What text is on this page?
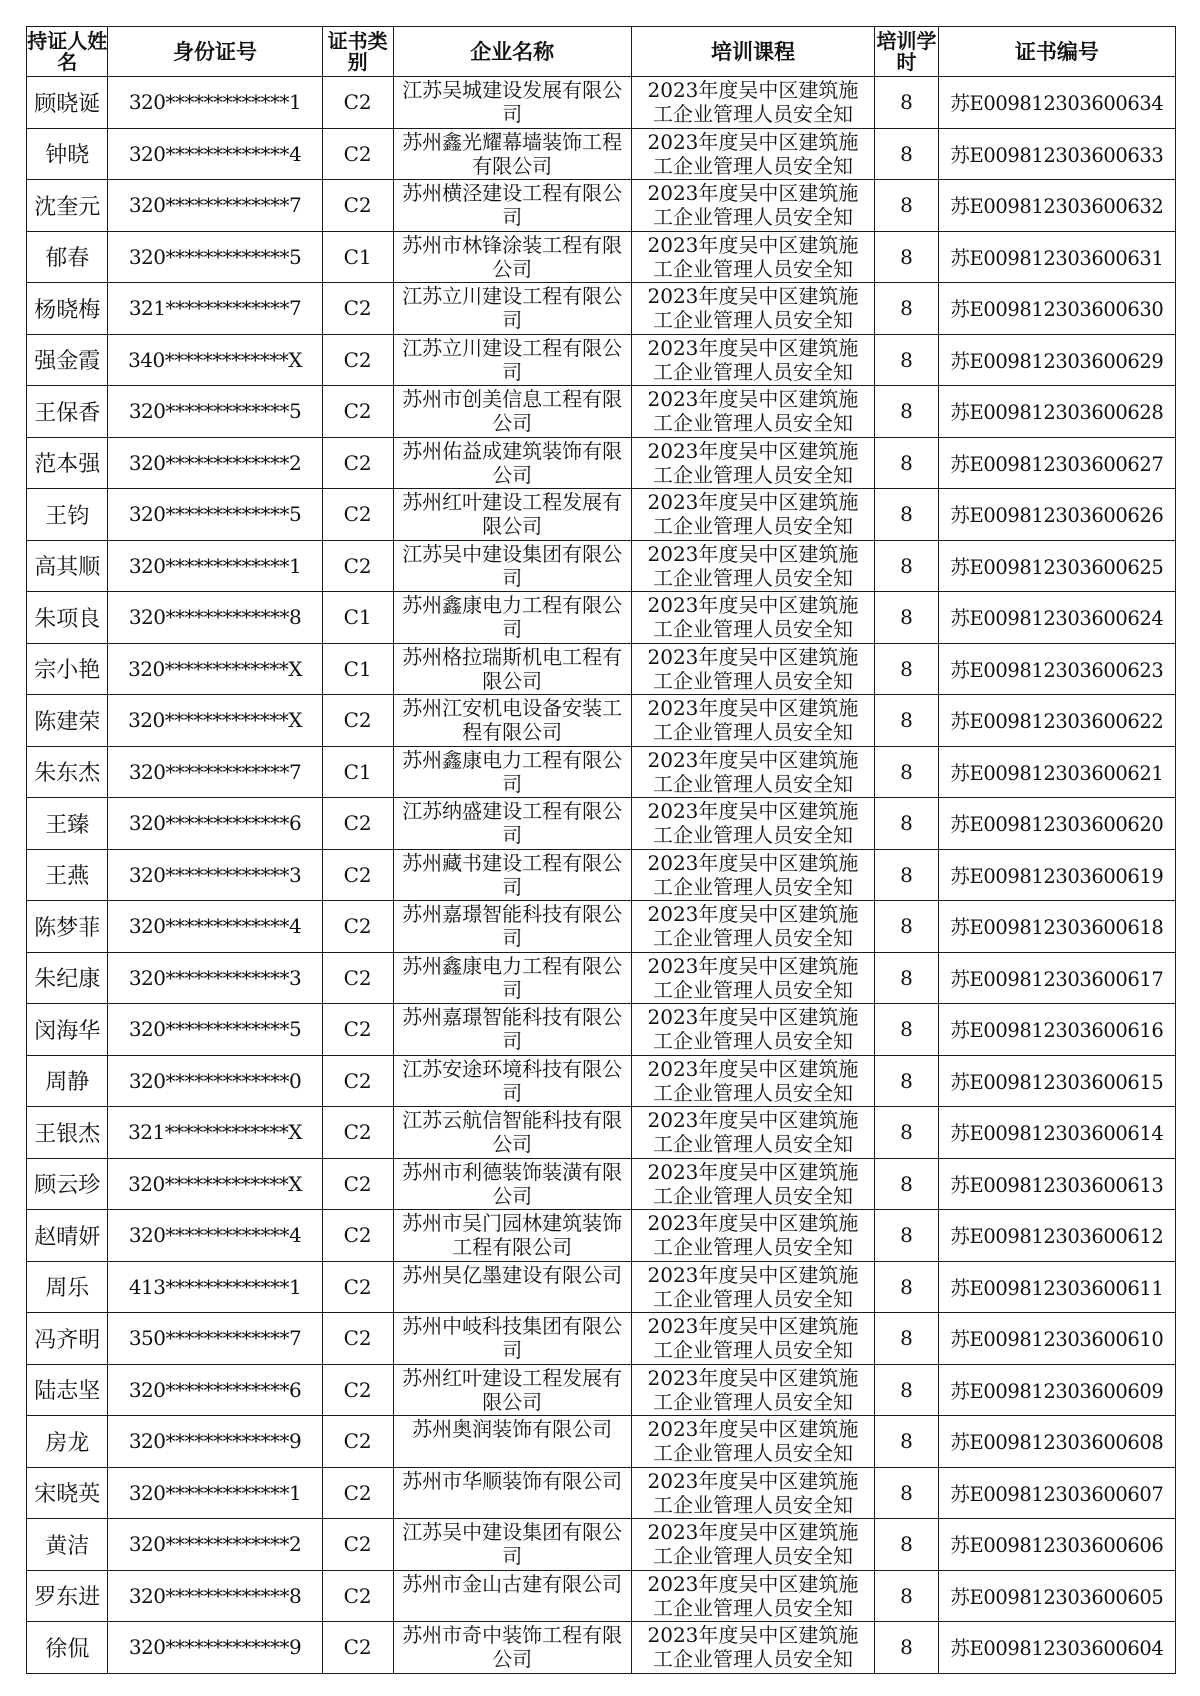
持证人姓名	身份证号	证书类别	企业名称	培训课程	培训学时	证书编号
顾晓诞	320*************1	C2	江苏吴城建设发展有限公司	2023年度吴中区建筑施工企业管理人员安全知	8	苏E009812303600634
钟晓	320*************4	C2	苏州鑫光耀幕墙装饰工程有限公司	2023年度吴中区建筑施工企业管理人员安全知	8	苏E009812303600633
沈奎元	320*************7	C2	苏州横泾建设工程有限公司	2023年度吴中区建筑施工企业管理人员安全知	8	苏E009812303600632
郁春	320*************5	C1	苏州市林锋涂装工程有限公司	2023年度吴中区建筑施工企业管理人员安全知	8	苏E009812303600631
杨晓梅	321*************7	C2	江苏立川建设工程有限公司	2023年度吴中区建筑施工企业管理人员安全知	8	苏E009812303600630
强金霞	340*************X	C2	江苏立川建设工程有限公司	2023年度吴中区建筑施工企业管理人员安全知	8	苏E009812303600629
王保香	320*************5	C2	苏州市创美信息工程有限公司	2023年度吴中区建筑施工企业管理人员安全知	8	苏E009812303600628
范本强	320*************2	C2	苏州佑益成建筑装饰有限公司	2023年度吴中区建筑施工企业管理人员安全知	8	苏E009812303600627
王钧	320*************5	C2	苏州红叶建设工程发展有限公司	2023年度吴中区建筑施工企业管理人员安全知	8	苏E009812303600626
高其顺	320*************1	C2	江苏吴中建设集团有限公司	2023年度吴中区建筑施工企业管理人员安全知	8	苏E009812303600625
朱项良	320*************8	C1	苏州鑫康电力工程有限公司	2023年度吴中区建筑施工企业管理人员安全知	8	苏E009812303600624
宗小艳	320*************X	C1	苏州格拉瑞斯机电工程有限公司	2023年度吴中区建筑施工企业管理人员安全知	8	苏E009812303600623
陈建荣	320*************X	C2	苏州江安机电设备安装工程有限公司	2023年度吴中区建筑施工企业管理人员安全知	8	苏E009812303600622
朱东杰	320*************7	C1	苏州鑫康电力工程有限公司	2023年度吴中区建筑施工企业管理人员安全知	8	苏E009812303600621
王臻	320*************6	C2	江苏纳盛建设工程有限公司	2023年度吴中区建筑施工企业管理人员安全知	8	苏E009812303600620
王燕	320*************3	C2	苏州藏书建设工程有限公司	2023年度吴中区建筑施工企业管理人员安全知	8	苏E009812303600619
陈梦菲	320*************4	C2	苏州嘉璟智能科技有限公司	2023年度吴中区建筑施工企业管理人员安全知	8	苏E009812303600618
朱纪康	320*************3	C2	苏州鑫康电力工程有限公司	2023年度吴中区建筑施工企业管理人员安全知	8	苏E009812303600617
闵海华	320*************5	C2	苏州嘉璟智能科技有限公司	2023年度吴中区建筑施工企业管理人员安全知	8	苏E009812303600616
周静	320*************0	C2	江苏安途环境科技有限公司	2023年度吴中区建筑施工企业管理人员安全知	8	苏E009812303600615
王银杰	321*************X	C2	江苏云航信智能科技有限公司	2023年度吴中区建筑施工企业管理人员安全知	8	苏E009812303600614
顾云珍	320*************X	C2	苏州市利德装饰装潢有限公司	2023年度吴中区建筑施工企业管理人员安全知	8	苏E009812303600613
赵晴妍	320*************4	C2	苏州市吴门园林建筑装饰工程有限公司	2023年度吴中区建筑施工企业管理人员安全知	8	苏E009812303600612
周乐	413*************1	C2	苏州昊亿墨建设有限公司	2023年度吴中区建筑施工企业管理人员安全知	8	苏E009812303600611
冯齐明	350*************7	C2	苏州中岐科技集团有限公司	2023年度吴中区建筑施工企业管理人员安全知	8	苏E009812303600610
陆志坚	320*************6	C2	苏州红叶建设工程发展有限公司	2023年度吴中区建筑施工企业管理人员安全知	8	苏E009812303600609
房龙	320*************9	C2	苏州奥润装饰有限公司	2023年度吴中区建筑施工企业管理人员安全知	8	苏E009812303600608
宋晓英	320*************1	C2	苏州市华顺装饰有限公司	2023年度吴中区建筑施工企业管理人员安全知	8	苏E009812303600607
黄洁	320*************2	C2	江苏吴中建设集团有限公司	2023年度吴中区建筑施工企业管理人员安全知	8	苏E009812303600606
罗东进	320*************8	C2	苏州市金山古建有限公司	2023年度吴中区建筑施工企业管理人员安全知	8	苏E009812303600605
徐侃	320*************9	C2	苏州市奇中装饰工程有限公司	2023年度吴中区建筑施工企业管理人员安全知	8	苏E009812303600604
